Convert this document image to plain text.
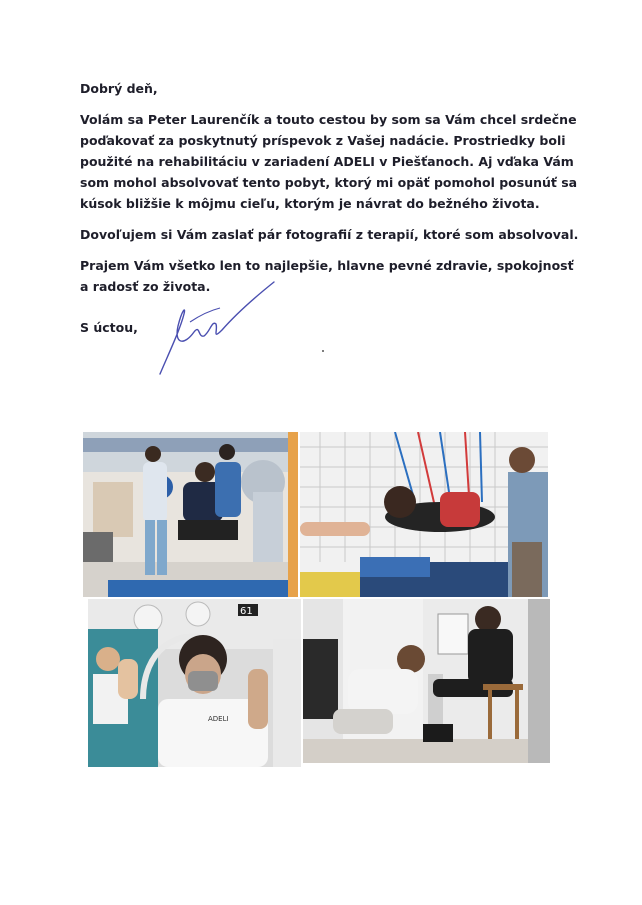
Dobrý deň,

Volám sa Peter Laurenčík a touto cestou by som sa Vám chcel srdečne poďakovať za poskytnutý príspevok z Vašej nadácie. Prostriedky boli použité na rehabilitáciu v zariadení ADELI v Piešťanoch. Aj vďaka Vám som mohol absolvovať tento pobyt, ktorý mi opäť pomohol posunúť sa kúsok bližšie k môjmu cieľu, ktorým je návrat do bežného života.

Dovoľujem si Vám zaslať pár fotografií z terapií, ktoré som absolvoval.

Prajem Vám všetko len to najlepšie, hlavne pevné zdravie, spokojnosť a radosť zo života.

S úctou,
61
ADELI
